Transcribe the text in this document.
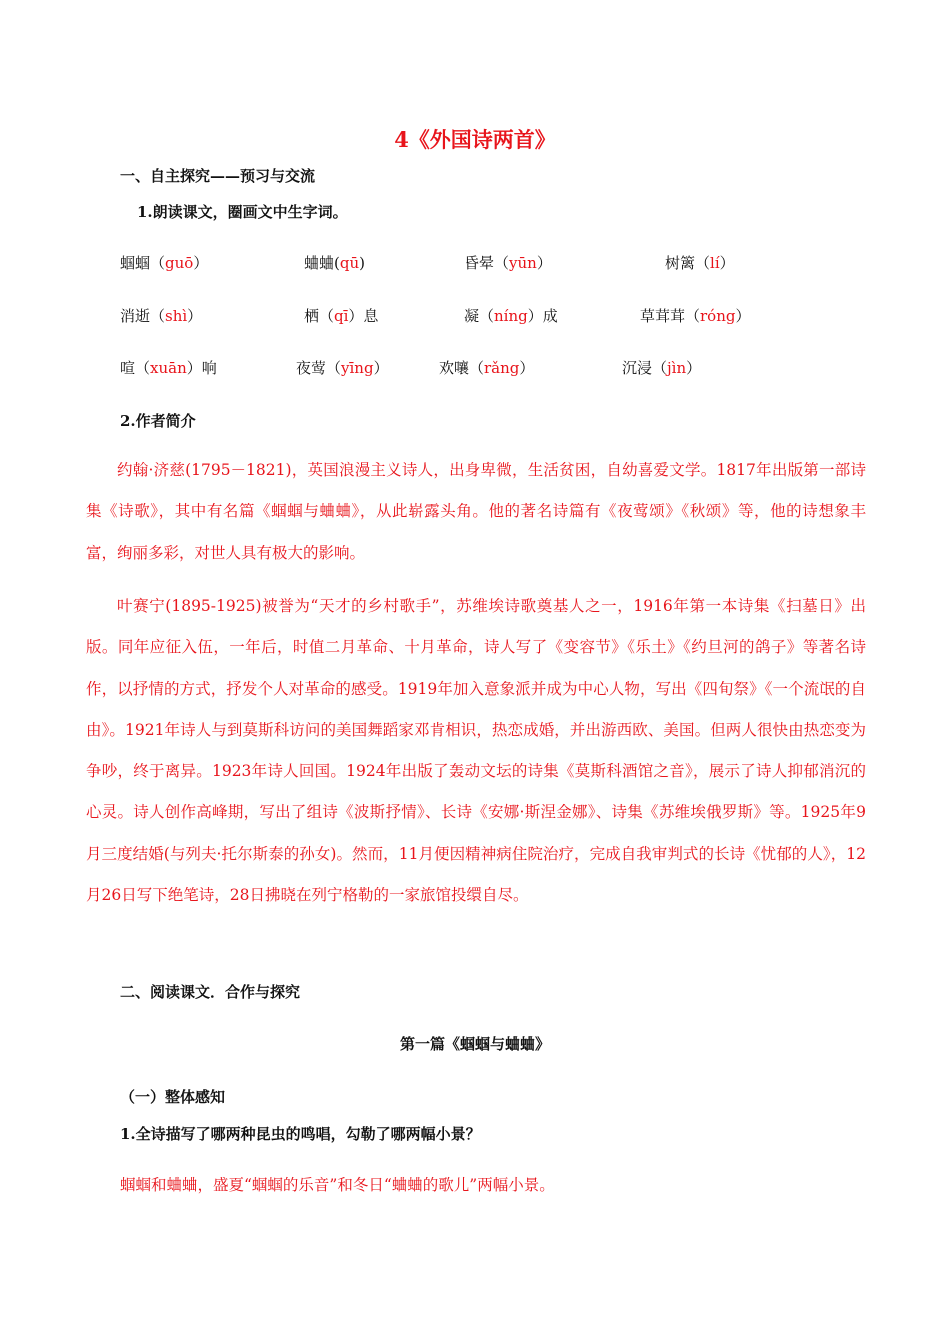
4《外国诗两首》
一、自主探究——预习与交流
1.朗读课文，圈画文中生字词。
蝈蝈（guō）	蛐蛐(qū)	昏晕（yūn）	树篱（lí）
消逝（shì）	栖（qī）息	凝（níng）成	草茸茸（róng）
喧（xuān）响	夜莺（yīng）	欢嚷（rǎng）	沉浸（jìn）
2.作者简介

约翰·济慈(1795－1821)，英国浪漫主义诗人，出身卑微，生活贫困，自幼喜爱文学。1817年出版第一部诗集《诗歌》，其中有名篇《蝈蝈与蛐蛐》，从此崭露头角。他的著名诗篇有《夜莺颂》《秋颂》等，他的诗想象丰富，绚丽多彩，对世人具有极大的影响。

叶赛宁(1895-1925)被誉为“天才的乡村歌手”，苏维埃诗歌奠基人之一，1916年第一本诗集《扫墓日》出版。同年应征入伍，一年后，时值二月革命、十月革命，诗人写了《变容节》《乐土》《约旦河的鸽子》等著名诗作，以抒情的方式，抒发个人对革命的感受。1919年加入意象派并成为中心人物，写出《四旬祭》《一个流氓的自由》。1921年诗人与到莫斯科访问的美国舞蹈家邓肯相识，热恋成婚，并出游西欧、美国。但两人很快由热恋变为争吵，终于离异。1923年诗人回国。1924年出版了轰动文坛的诗集《莫斯科酒馆之音》，展示了诗人抑郁消沉的心灵。诗人创作高峰期，写出了组诗《波斯抒情》、长诗《安娜·斯涅金娜》、诗集《苏维埃俄罗斯》等。1925年9月三度结婚(与列夫·托尔斯泰的孙女)。然而，11月便因精神病住院治疗，完成自我审判式的长诗《忧郁的人》，12月26日写下绝笔诗，28日拂晓在列宁格勒的一家旅馆投缳自尽。

二、阅读课文．合作与探究
第一篇《蝈蝈与蛐蛐》
（一）整体感知
1.全诗描写了哪两种昆虫的鸣唱，勾勒了哪两幅小景？
蝈蝈和蛐蛐，盛夏“蝈蝈的乐音”和冬日“蛐蛐的歌儿”两幅小景。
